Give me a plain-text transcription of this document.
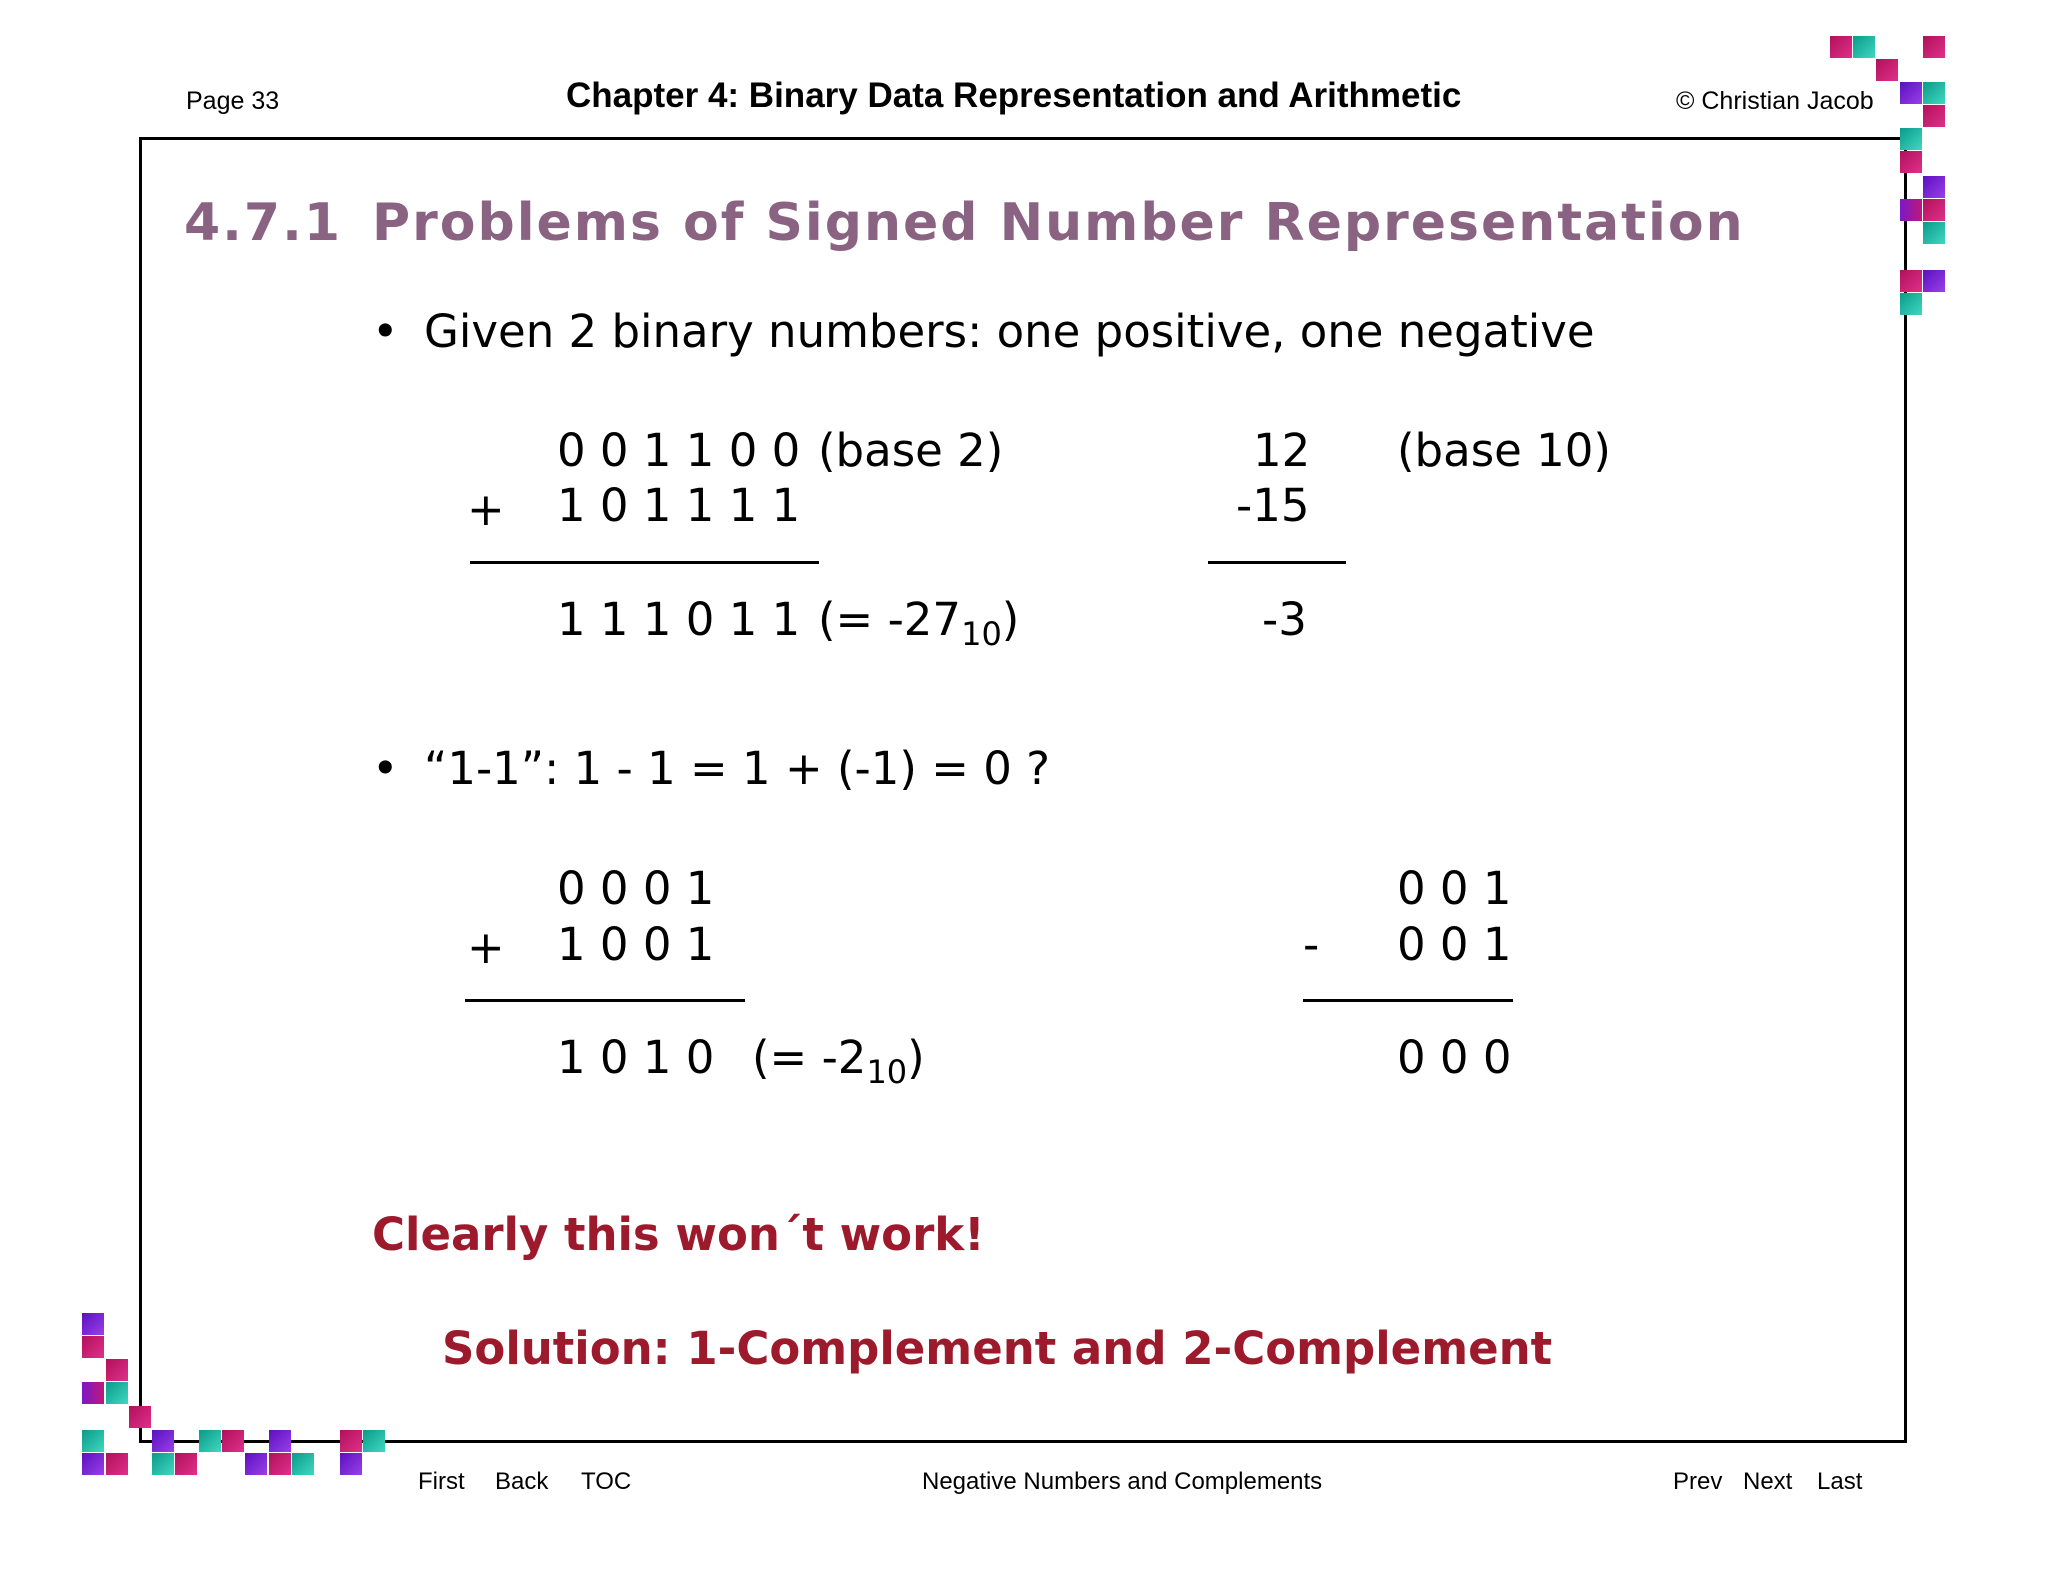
Page 33	Chapter 4: Binary Data Representation and Arithmetic	© Christian Jacob
4.7.1 Problems of Signed Number Representation
• Given 2 binary numbers: one positive, one negative
0 0 1 1 0 0 (base 2)
+ 1 0 1 1 1 1
1 1 1 0 1 1 (= $-27_{10}$)
12 (base 10)
-15
-3
• “1-1”: 1 - 1 = 1 + (-1) = 0 ?
0 0 0 1
+ 1 0 0 1
1 0 1 0 (= $-2_{10}$)
0 0 1
- 0 0 1
0 0 0
Clearly this won´t work!
Solution: 1-Complement and 2-Complement
First Back TOC	Negative Numbers and Complements	Prev Next Last
